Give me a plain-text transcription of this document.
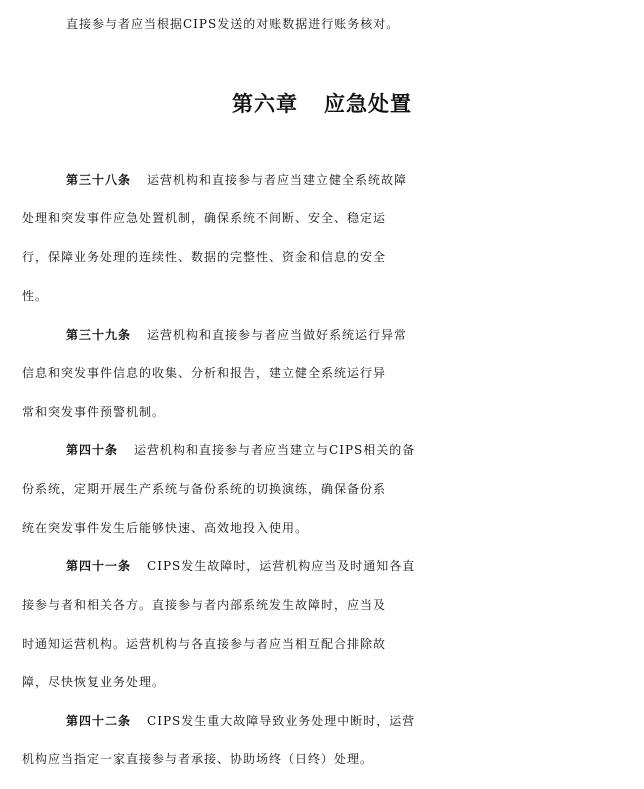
直接参与者应当根据CIPS发送的对账数据进行账务核对。
第六章 应急处置
第三十八条 运营机构和直接参与者应当建立健全系统故障
处理和突发事件应急处置机制，确保系统不间断、安全、稳定运
行，保障业务处理的连续性、数据的完整性、资金和信息的安全
性。
第三十九条 运营机构和直接参与者应当做好系统运行异常
信息和突发事件信息的收集、分析和报告，建立健全系统运行异
常和突发事件预警机制。
第四十条 运营机构和直接参与者应当建立与CIPS相关的备
份系统，定期开展生产系统与备份系统的切换演练，确保备份系
统在突发事件发生后能够快速、高效地投入使用。
第四十一条 CIPS发生故障时，运营机构应当及时通知各直
接参与者和相关各方。直接参与者内部系统发生故障时，应当及
时通知运营机构。运营机构与各直接参与者应当相互配合排除故
障，尽快恢复业务处理。
第四十二条 CIPS发生重大故障导致业务处理中断时，运营
机构应当指定一家直接参与者承接、协助场终（日终）处理。
